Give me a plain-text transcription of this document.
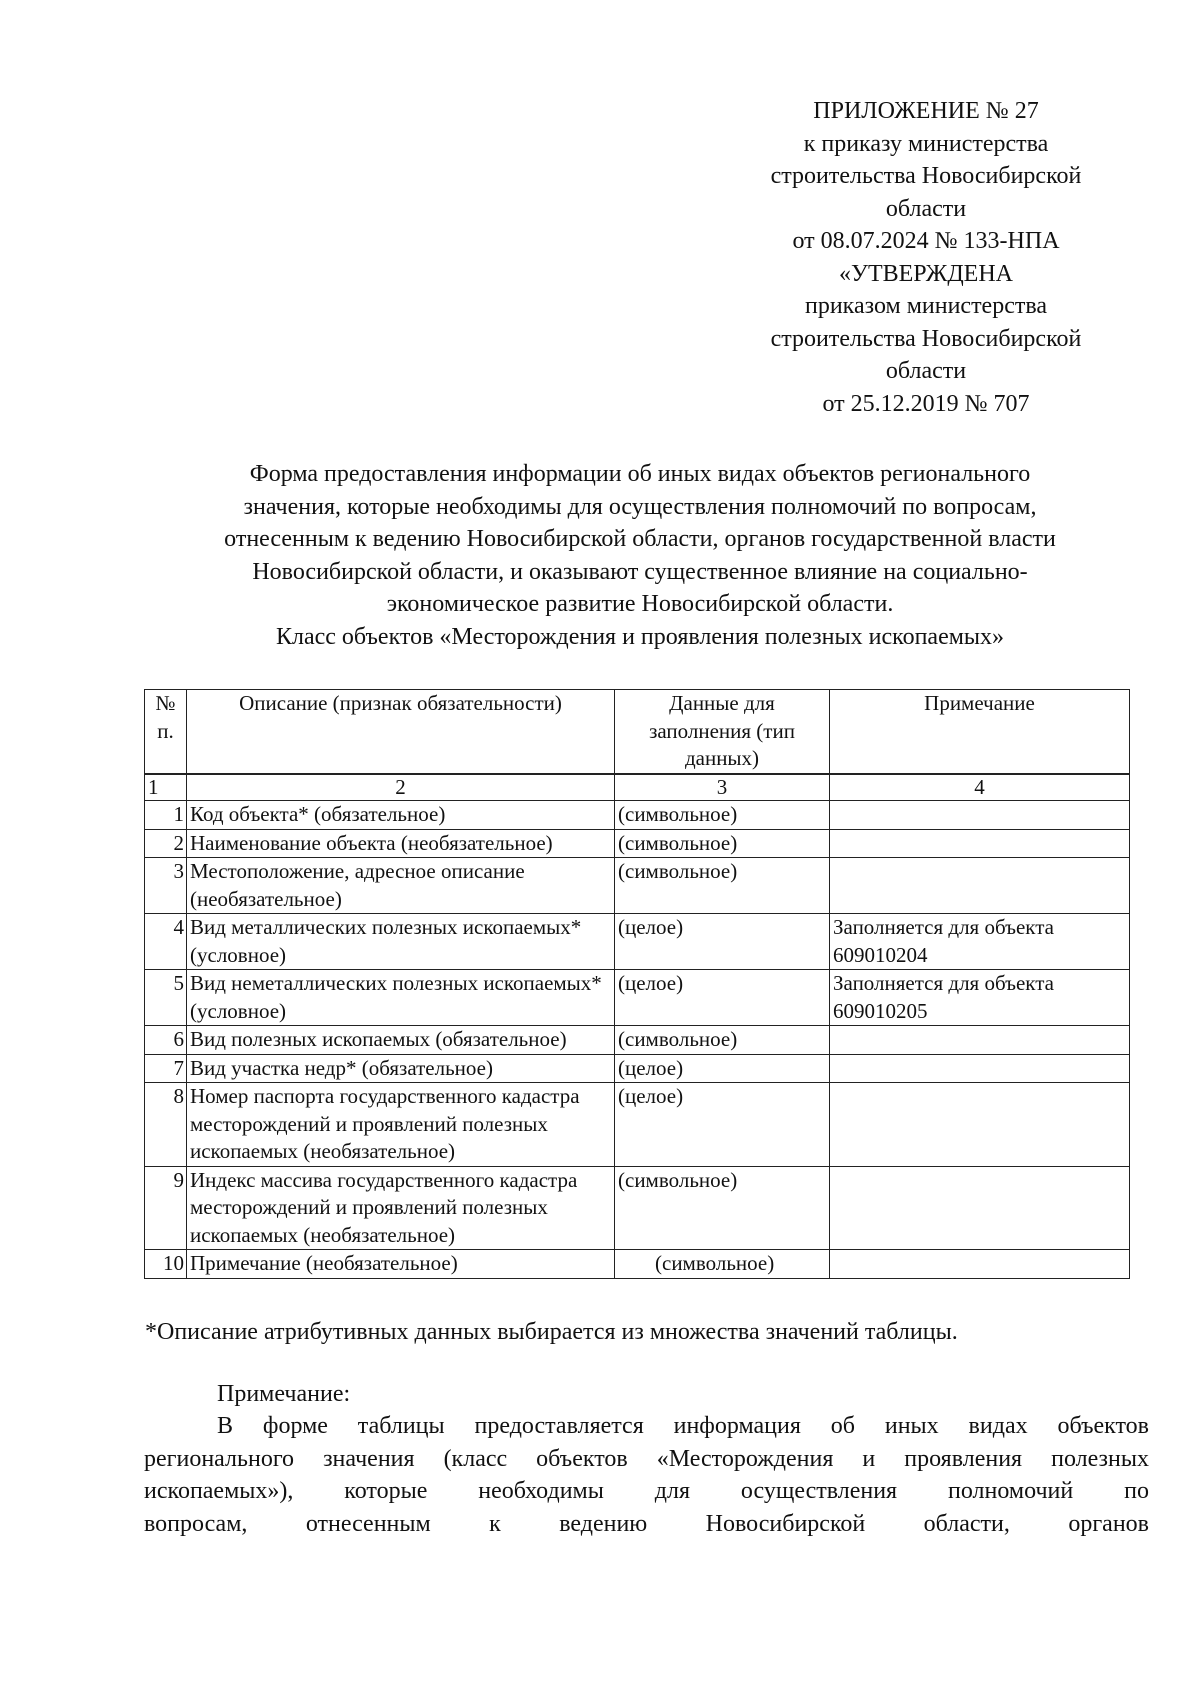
ПРИЛОЖЕНИЕ № 27
к приказу министерства
строительства Новосибирской
области
от 08.07.2024 № 133-НПА
«УТВЕРЖДЕНА
приказом министерства
строительства Новосибирской
области
от 25.12.2019 № 707
Форма предоставления информации об иных видах объектов регионального
значения, которые необходимы для осуществления полномочий по вопросам,
отнесенным к ведению Новосибирской области, органов государственной власти
Новосибирской области, и оказывают существенное влияние на социально-
экономическое развитие Новосибирской области.
Класс объектов «Месторождения и проявления полезных ископаемых»
№ п.	Описание (признак обязательности)	Данные для заполнения (тип данных)	Примечание
1	2	3	4
1	Код объекта* (обязательное)	(символьное)	
2	Наименование объекта (необязательное)	(символьное)	
3	Местоположение, адресное описание (необязательное)	(символьное)	
4	Вид металлических полезных ископаемых* (условное)	(целое)	Заполняется для объекта 609010204
5	Вид неметаллических полезных ископаемых* (условное)	(целое)	Заполняется для объекта 609010205
6	Вид полезных ископаемых (обязательное)	(символьное)	
7	Вид участка недр* (обязательное)	(целое)	
8	Номер паспорта государственного кадастра месторождений и проявлений полезных ископаемых (необязательное)	(целое)	
9	Индекс массива государственного кадастра месторождений и проявлений полезных ископаемых (необязательное)	(символьное)	
10	Примечание (необязательное)	(символьное)	
*Описание атрибутивных данных выбирается из множества значений таблицы.
Примечание:
В форме таблицы предоставляется информация об иных видах объектов
регионального значения (класс объектов «Месторождения и проявления полезных
ископаемых»), которые необходимы для осуществления полномочий по
вопросам, отнесенным к ведению Новосибирской области, органов
